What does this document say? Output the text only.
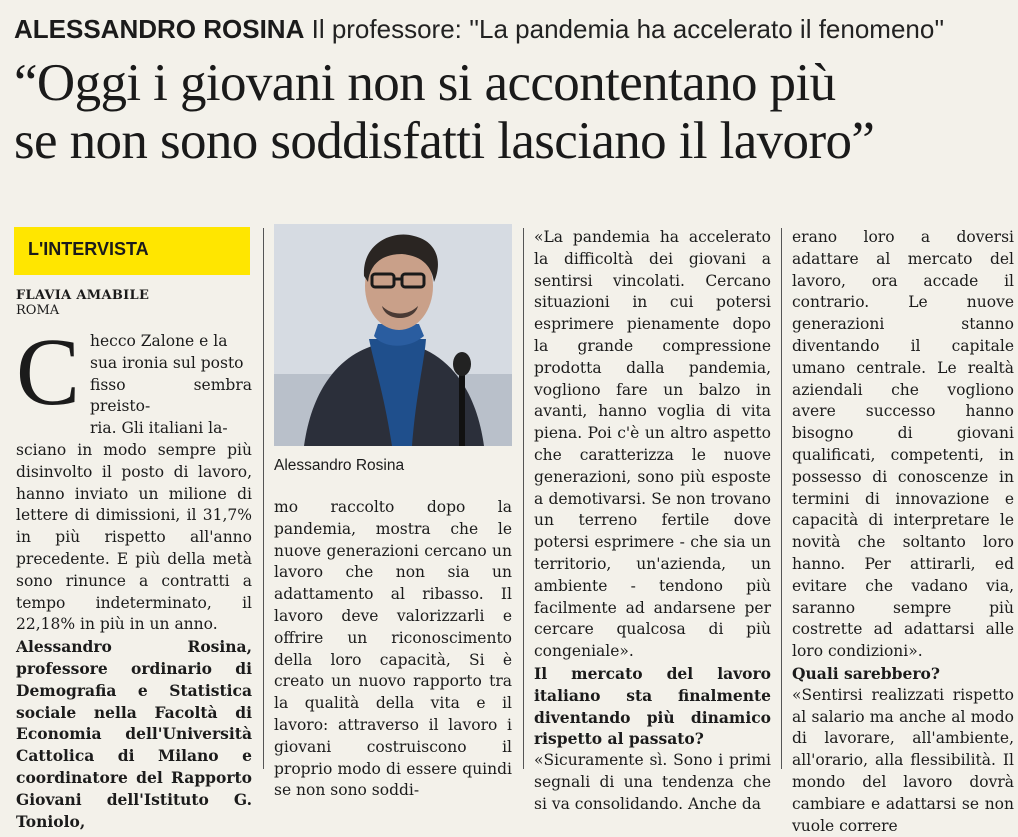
ALESSANDRO ROSINA Il professore: ''La pandemia ha accelerato il fenomeno''
“Oggi i giovani non si accontentano più
se non sono soddisfatti lasciano il lavoro”
L'INTERVISTA
FLAVIA AMABILE
ROMA
C hecco Zalone e la
sua ironia sul posto
fisso sembra preisto-
ria. Gli italiani la-

sciano in modo sempre più disinvolto il posto di lavoro, hanno inviato un milione di lettere di dimissioni, il 31,7% in più rispetto all'anno precedente. E più della metà sono rinunce a contratti a tempo indeterminato, il 22,18% in più in un anno.

Alessandro Rosina, professore ordinario di Demografia e Statistica sociale nella Facoltà di Economia dell'Università Cattolica di Milano e coordinatore del Rapporto Giovani dell'Istituto G. Toniolo,

Alessandro Rosina

mo raccolto dopo la pandemia, mostra che le nuove generazioni cercano un lavoro che non sia un adattamento al ribasso. Il lavoro deve valorizzarli e offrire un riconoscimento della loro capacità, Si è creato un nuovo rapporto tra la qualità della vita e il lavoro: attraverso il lavoro i giovani costruiscono il proprio modo di essere quindi se non sono soddi-

«La pandemia ha accelerato la difficoltà dei giovani a sentirsi vincolati. Cercano situazioni in cui potersi esprimere pienamente dopo la grande compressione prodotta dalla pandemia, vogliono fare un balzo in avanti, hanno voglia di vita piena. Poi c'è un altro aspetto che caratterizza le nuove generazioni, sono più esposte a demotivarsi. Se non trovano un terreno fertile dove potersi esprimere - che sia un territorio, un'azienda, un ambiente - tendono più facilmente ad andarsene per cercare qualcosa di più congeniale».

Il mercato del lavoro italiano sta finalmente diventando più dinamico rispetto al passato?

«Sicuramente sì. Sono i primi segnali di una tendenza che si va consolidando. Anche da

erano loro a doversi adattare al mercato del lavoro, ora accade il contrario. Le nuove generazioni stanno diventando il capitale umano centrale. Le realtà aziendali che vogliono avere successo hanno bisogno di giovani qualificati, competenti, in possesso di conoscenze in termini di innovazione e capacità di interpretare le novità che soltanto loro hanno. Per attirarli, ed evitare che vadano via, saranno sempre più costrette ad adattarsi alle loro condizioni».

Quali sarebbero?

«Sentirsi realizzati rispetto al salario ma anche al modo di lavorare, all'ambiente, all'orario, alla flessibilità. Il mondo del lavoro dovrà cambiare e adattarsi se non vuole correre
